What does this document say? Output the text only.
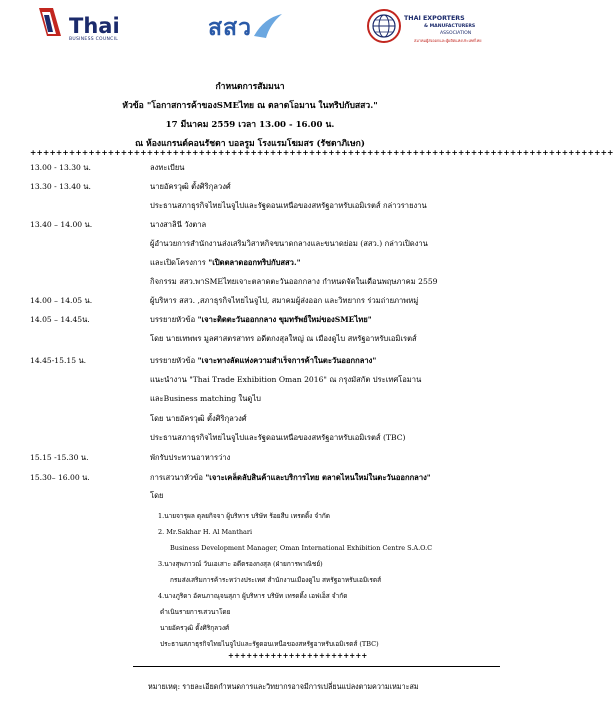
Thai
BUSINESS COUNCIL	สสว	THAI EXPORTERS
& MANUFACTURERS
ASSOCIATION
สมาคมผู้ส่งออกและผู้ผลิตแห่งประเทศไทย
กำหนดการสัมมนา
หัวข้อ "โอกาสการค้าของSMEไทย ณ ตลาดโอมาน ในทริปกับสสว."
17 มีนาคม 2559 เวลา 13.00 - 16.00 น.
ณ ห้องแกรนด์คอนรัชดา บอลรูม โรงแรมโฆมสร (รัชดาภิเษก)
++++++++++++++++++++++++++++++++++++++++++++++++++++++++++++++++++++++++++++++++++++++++++
13.00 - 13.30 น.	ลงทะเบียน
13.30 - 13.40 น.	นายอัครวุฒิ ตั้งศิริกุลวงศ์
ประธานสภาธุรกิจไทยไนจูไปและรัฐดอนเหนือของสหรัฐอาหรับเอมิเรตส์ กล่าวรายงาน
13.40 – 14.00 น.	นางสาลินี วังตาล
ผู้อำนวยการสำนักงานส่งเสริมวิสาหกิจขนาดกลางและขนาดย่อม (สสว.) กล่าวเปิดงาน
และเปิดโครงการ "เปิดตลาดออกทริปกับสสว."
กิจกรรม สสว.พาSMEไทยเจาะตลาดตะวันออกกลาง กำหนดจัดในเดือนพฤษภาคม 2559
14.00 – 14.05 น.	ผู้บริหาร สสว. ,สภาธุรกิจไทยไนจูไป, สมาคมผู้ส่งออก และวิทยากร ร่วมถ่ายภาพหมู่
14.05 – 14.45น.	บรรยายหัวข้อ "เจาะติดตะวันออกกลาง ขุมทรัพย์ใหม่ของSMEไทย"
โดย นายเทพพร มูลศาสตรสาทร อดีตกงสุลใหญ่ ณ เมืองดูไบ สหรัฐอาหรับเอมิเรตส์
14.45-15.15 น.	บรรยายหัวข้อ "เจาะทางลัดแห่งความสำเร็จการค้าในตะวันออกกลาง"
แนะนำงาน "Thai Trade Exhibition Oman 2016" ณ กรุงมัสกัต ประเทศโอมาน
และBusiness matching ในดูไบ
โดย นายอัครวุฒิ ตั้งศิริกุลวงศ์
ประธานสภาธุรกิจไทยไนจูไปและรัฐดอนเหนือของสหรัฐอาหรับเอมิเรตส์ (TBC)
15.15 -15.30 น.	พักรับประทานอาหารว่าง
15.30– 16.00 น.	การเสวนาหัวข้อ "เจาะเคล็ดลับสินค้าและบริการไทย ตลาดไหนใหม่ในตะวันออกกลาง"
โดย
1.นายจารุผล ดุลยกิจจา ผู้บริหาร บริษัท ร้อยสืบ เทรดดิ้ง จำกัด
2. Mr.Sakhar H. Al Manthari
Business Development Manager, Oman International Exhibition Centre S.A.O.C
3.นางสุพภาวณ์ วันเอเสาะ อดีตรองกงสุล (ฝ่ายการพาณิชย์)
กรมส่งเสริมการค้าระหว่างประเทศ สำนักงานเมืองดูไบ สหรัฐอาหรับเอมิเรตส์
4.นางภูริดา อัคนภาณุจนสุภา ผู้บริหาร บริษัท เทรดดิ้ง เอฟเอ็ส จำกัด
ดำเนินรายการเสวนาโดย
นายอัครวุฒิ ตั้งศิริกุลวงศ์
ประธานสภาธุรกิจไทยไนจูไปและรัฐดอนเหนือของสหรัฐอาหรับเอมิเรตส์ (TBC)
+++++++++++++++++++++++
หมายเหตุ: รายละเอียดกำหนดการและวิทยากรอาจมีการเปลี่ยนแปลงตามความเหมาะสม
